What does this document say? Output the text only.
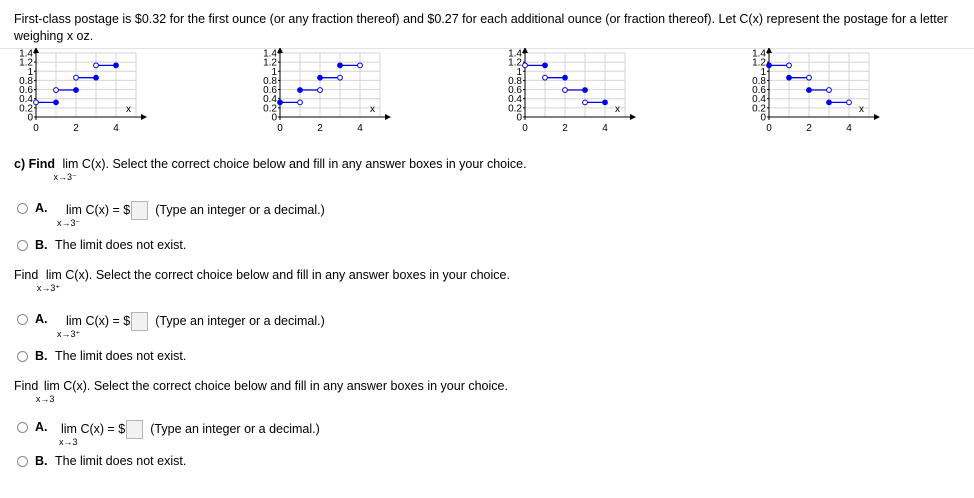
First-class postage is $0.32 for the first ounce (or any fraction thereof) and $0.27 for each additional ounce (or fraction thereof). Let C(x) represent the postage for a letter weighing x oz.
0
0.2
0.4
0.6
0.8
1
1.2
1.4
0	2	4
x
0
0.2
0.4
0.6
0.8
1
1.2
1.4
0	2	4
x
0
0.2
0.4
0.6
0.8
1
1.2
1.4
0	2	4
x
0
0.2
0.4
0.6
0.8
1
1.2
1.4
0	2	4
x
c) Find lim
x→3⁻
C(x). Select the correct choice below and fill in any answer boxes in your choice.
A. lim
x→3⁻
C(x) = $ (Type an integer or a decimal.)
B. The limit does not exist.
Find lim
x→3⁺
C(x). Select the correct choice below and fill in any answer boxes in your choice.
A. lim
x→3⁺
C(x) = $ (Type an integer or a decimal.)
B. The limit does not exist.
Find lim
x→3
C(x). Select the correct choice below and fill in any answer boxes in your choice.
A. lim
x→3
C(x) = $ (Type an integer or a decimal.)
B. The limit does not exist.
